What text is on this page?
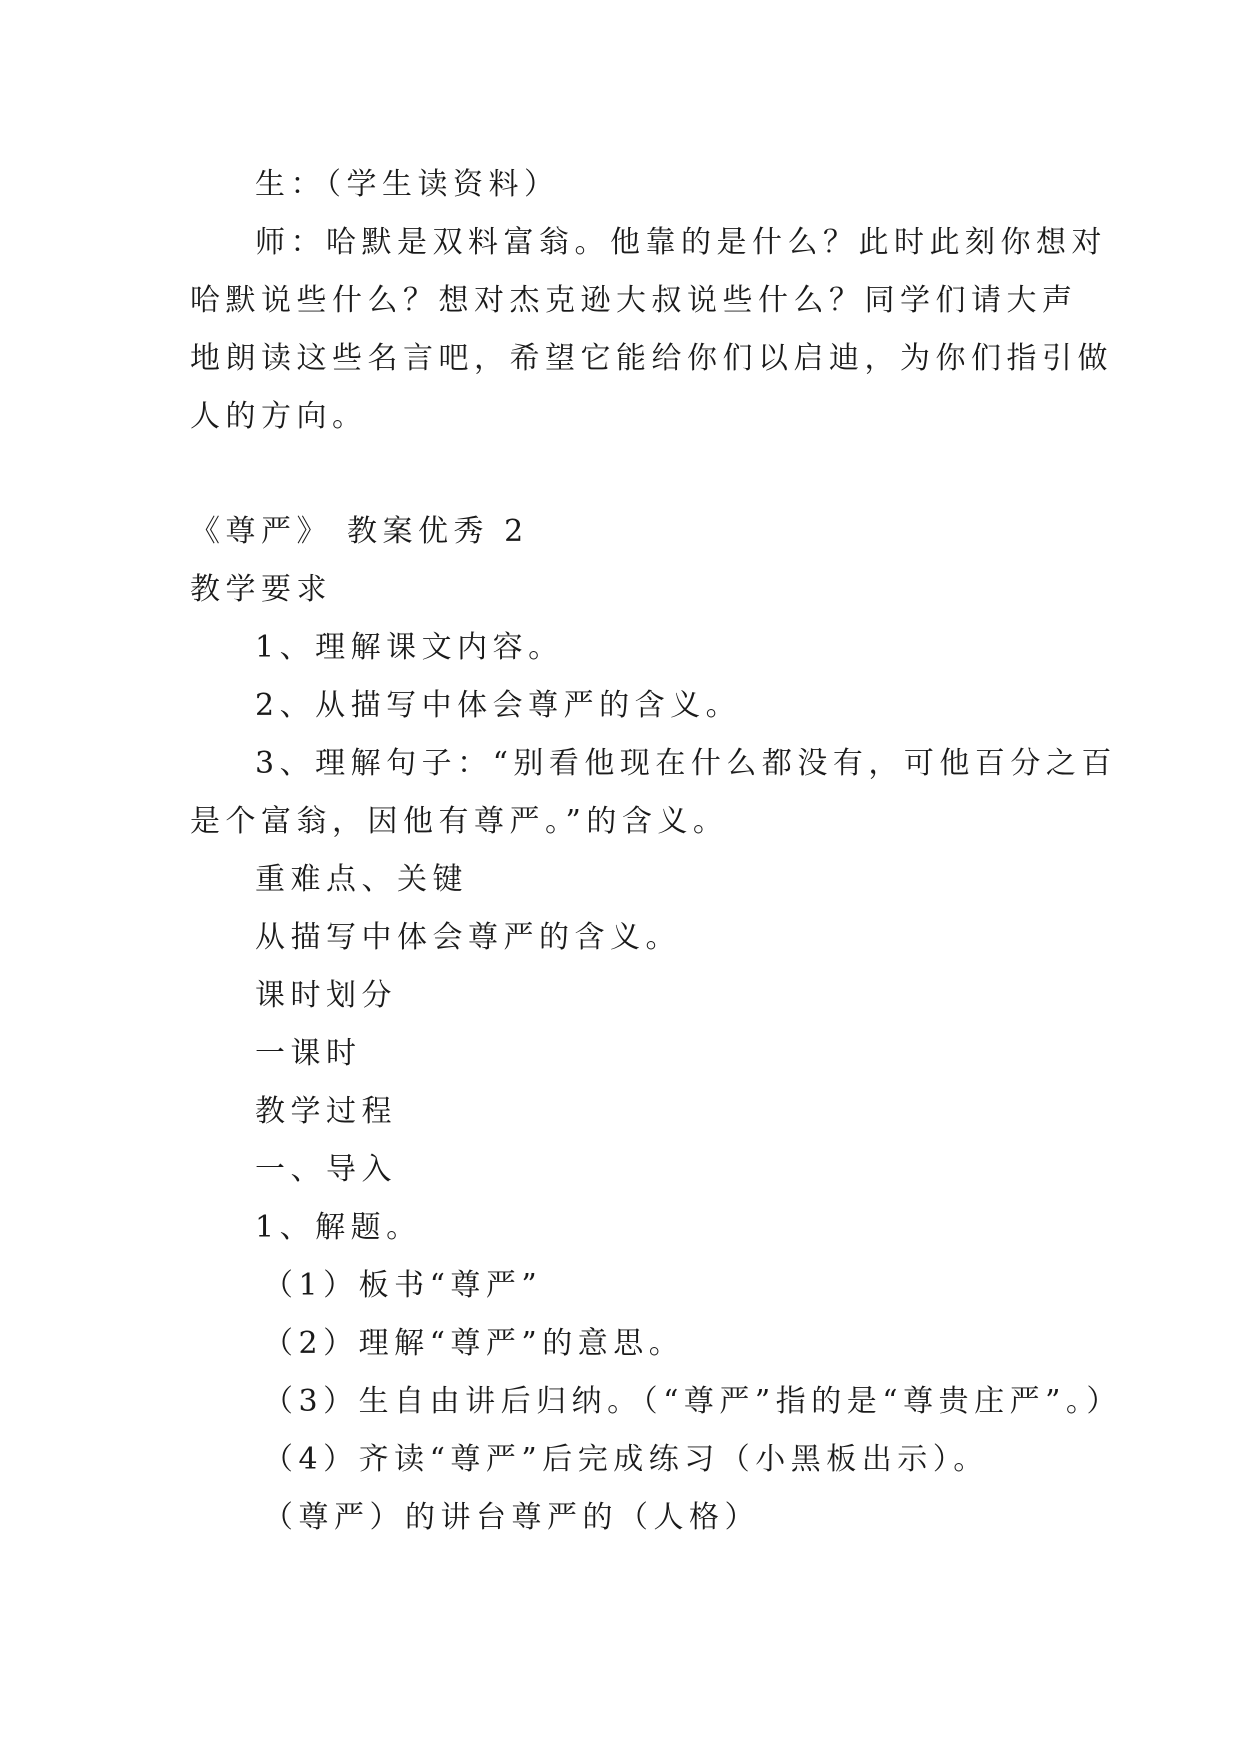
生：（学生读资料）
师：哈默是双料富翁。他靠的是什么？此时此刻你想对
哈默说些什么？想对杰克逊大叔说些什么？同学们请大声
地朗读这些名言吧，希望它能给你们以启迪，为你们指引做
人的方向。
《尊严》 教案优秀 2
教学要求
1、理解课文内容。
2、从描写中体会尊严的含义。
3、理解句子：“别看他现在什么都没有，可他百分之百
是个富翁，因他有尊严。”的含义。
重难点、关键
从描写中体会尊严的含义。
课时划分
一课时
教学过程
一、导入
1、解题。
（1）板书“尊严”
（2）理解“尊严”的意思。
（3）生自由讲后归纳。（“尊严”指的是“尊贵庄严”。）
（4）齐读“尊严”后完成练习（小黑板出示）。
（尊严）的讲台尊严的（人格）
